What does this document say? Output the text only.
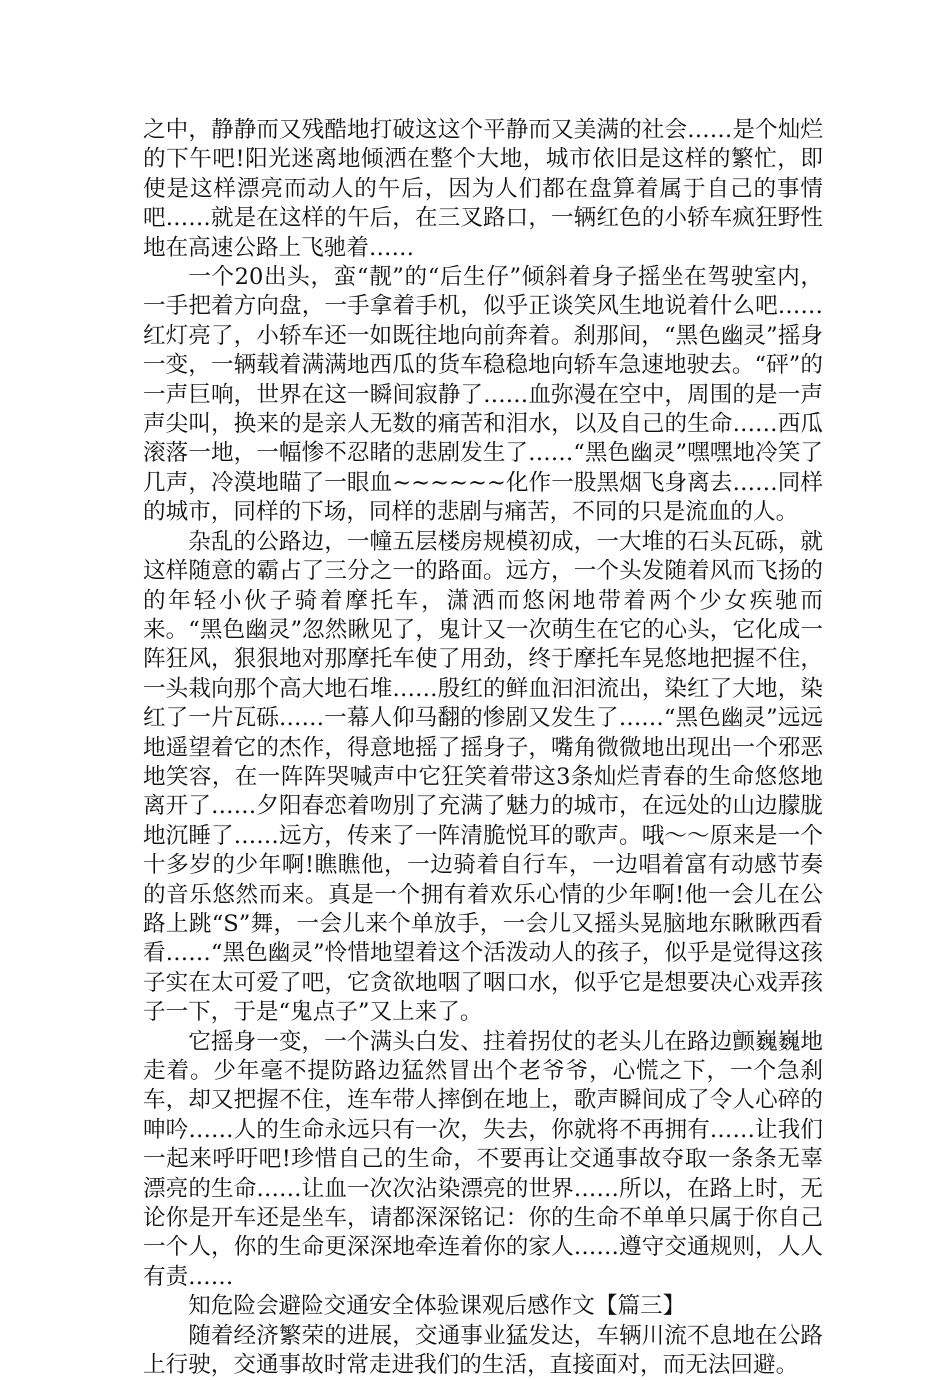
之中，静静而又残酷地打破这这个平静而又美满的社会……是个灿烂的下午吧!阳光迷离地倾洒在整个大地，城市依旧是这样的繁忙，即使是这样漂亮而动人的午后，因为人们都在盘算着属于自己的事情吧……就是在这样的午后，在三叉路口，一辆红色的小轿车疯狂野性地在高速公路上飞驰着……

一个20出头，蛮“靓”的“后生仔”倾斜着身子摇坐在驾驶室内，一手把着方向盘，一手拿着手机，似乎正谈笑风生地说着什么吧……红灯亮了，小轿车还一如既往地向前奔着。刹那间，“黑色幽灵”摇身一变，一辆载着满满地西瓜的货车稳稳地向轿车急速地驶去。“砰”的一声巨响，世界在这一瞬间寂静了……血弥漫在空中，周围的是一声声尖叫，换来的是亲人无数的痛苦和泪水，以及自己的生命……西瓜滚落一地，一幅惨不忍睹的悲剧发生了……“黑色幽灵”嘿嘿地冷笑了几声，冷漠地瞄了一眼血~~~~~~化作一股黑烟飞身离去……同样的城市，同样的下场，同样的悲剧与痛苦，不同的只是流血的人。

杂乱的公路边，一幢五层楼房规模初成，一大堆的石头瓦砾，就这样随意的霸占了三分之一的路面。远方，一个头发随着风而飞扬的的年轻小伙子骑着摩托车，潇洒而悠闲地带着两个少女疾驰而来。“黑色幽灵”忽然瞅见了，鬼计又一次萌生在它的心头，它化成一阵狂风，狠狠地对那摩托车使了用劲，终于摩托车晃悠地把握不住，一头栽向那个高大地石堆……殷红的鲜血汩汩流出，染红了大地，染红了一片瓦砾……一幕人仰马翻的惨剧又发生了……“黑色幽灵”远远地遥望着它的杰作，得意地摇了摇身子，嘴角微微地出现出一个邪恶地笑容，在一阵阵哭喊声中它狂笑着带这3条灿烂青春的生命悠悠地离开了……夕阳春恋着吻別了充满了魅力的城市，在远处的山边朦胧地沉睡了……远方，传来了一阵清脆悦耳的歌声。哦～～原来是一个十多岁的少年啊!瞧瞧他，一边骑着自行车，一边唱着富有动感节奏的音乐悠然而来。真是一个拥有着欢乐心情的少年啊!他一会儿在公路上跳“S”舞，一会儿来个单放手，一会儿又摇头晃脑地东瞅瞅西看看……“黑色幽灵”怜惜地望着这个活泼动人的孩子，似乎是觉得这孩子实在太可爱了吧，它贪欲地咽了咽口水，似乎它是想要决心戏弄孩子一下，于是“鬼点子”又上来了。

它摇身一变，一个满头白发、拄着拐仗的老头儿在路边颤巍巍地走着。少年毫不提防路边猛然冒出个老爷爷，心慌之下，一个急刹车，却又把握不住，连车带人摔倒在地上，歌声瞬间成了令人心碎的呻吟……人的生命永远只有一次，失去，你就将不再拥有……让我们一起来呼吁吧!珍惜自己的生命，不要再让交通事故夺取一条条无辜漂亮的生命……让血一次次沾染漂亮的世界……所以，在路上时，无论你是开车还是坐车，请都深深铭记：你的生命不单单只属于你自己一个人，你的生命更深深地牵连着你的家人……遵守交通规则，人人有责……

知危险会避险交通安全体验课观后感作文【篇三】

随着经济繁荣的进展，交通事业猛发达，车辆川流不息地在公路上行驶，交通事故时常走进我们的生活，直接面对，而无法回避。
